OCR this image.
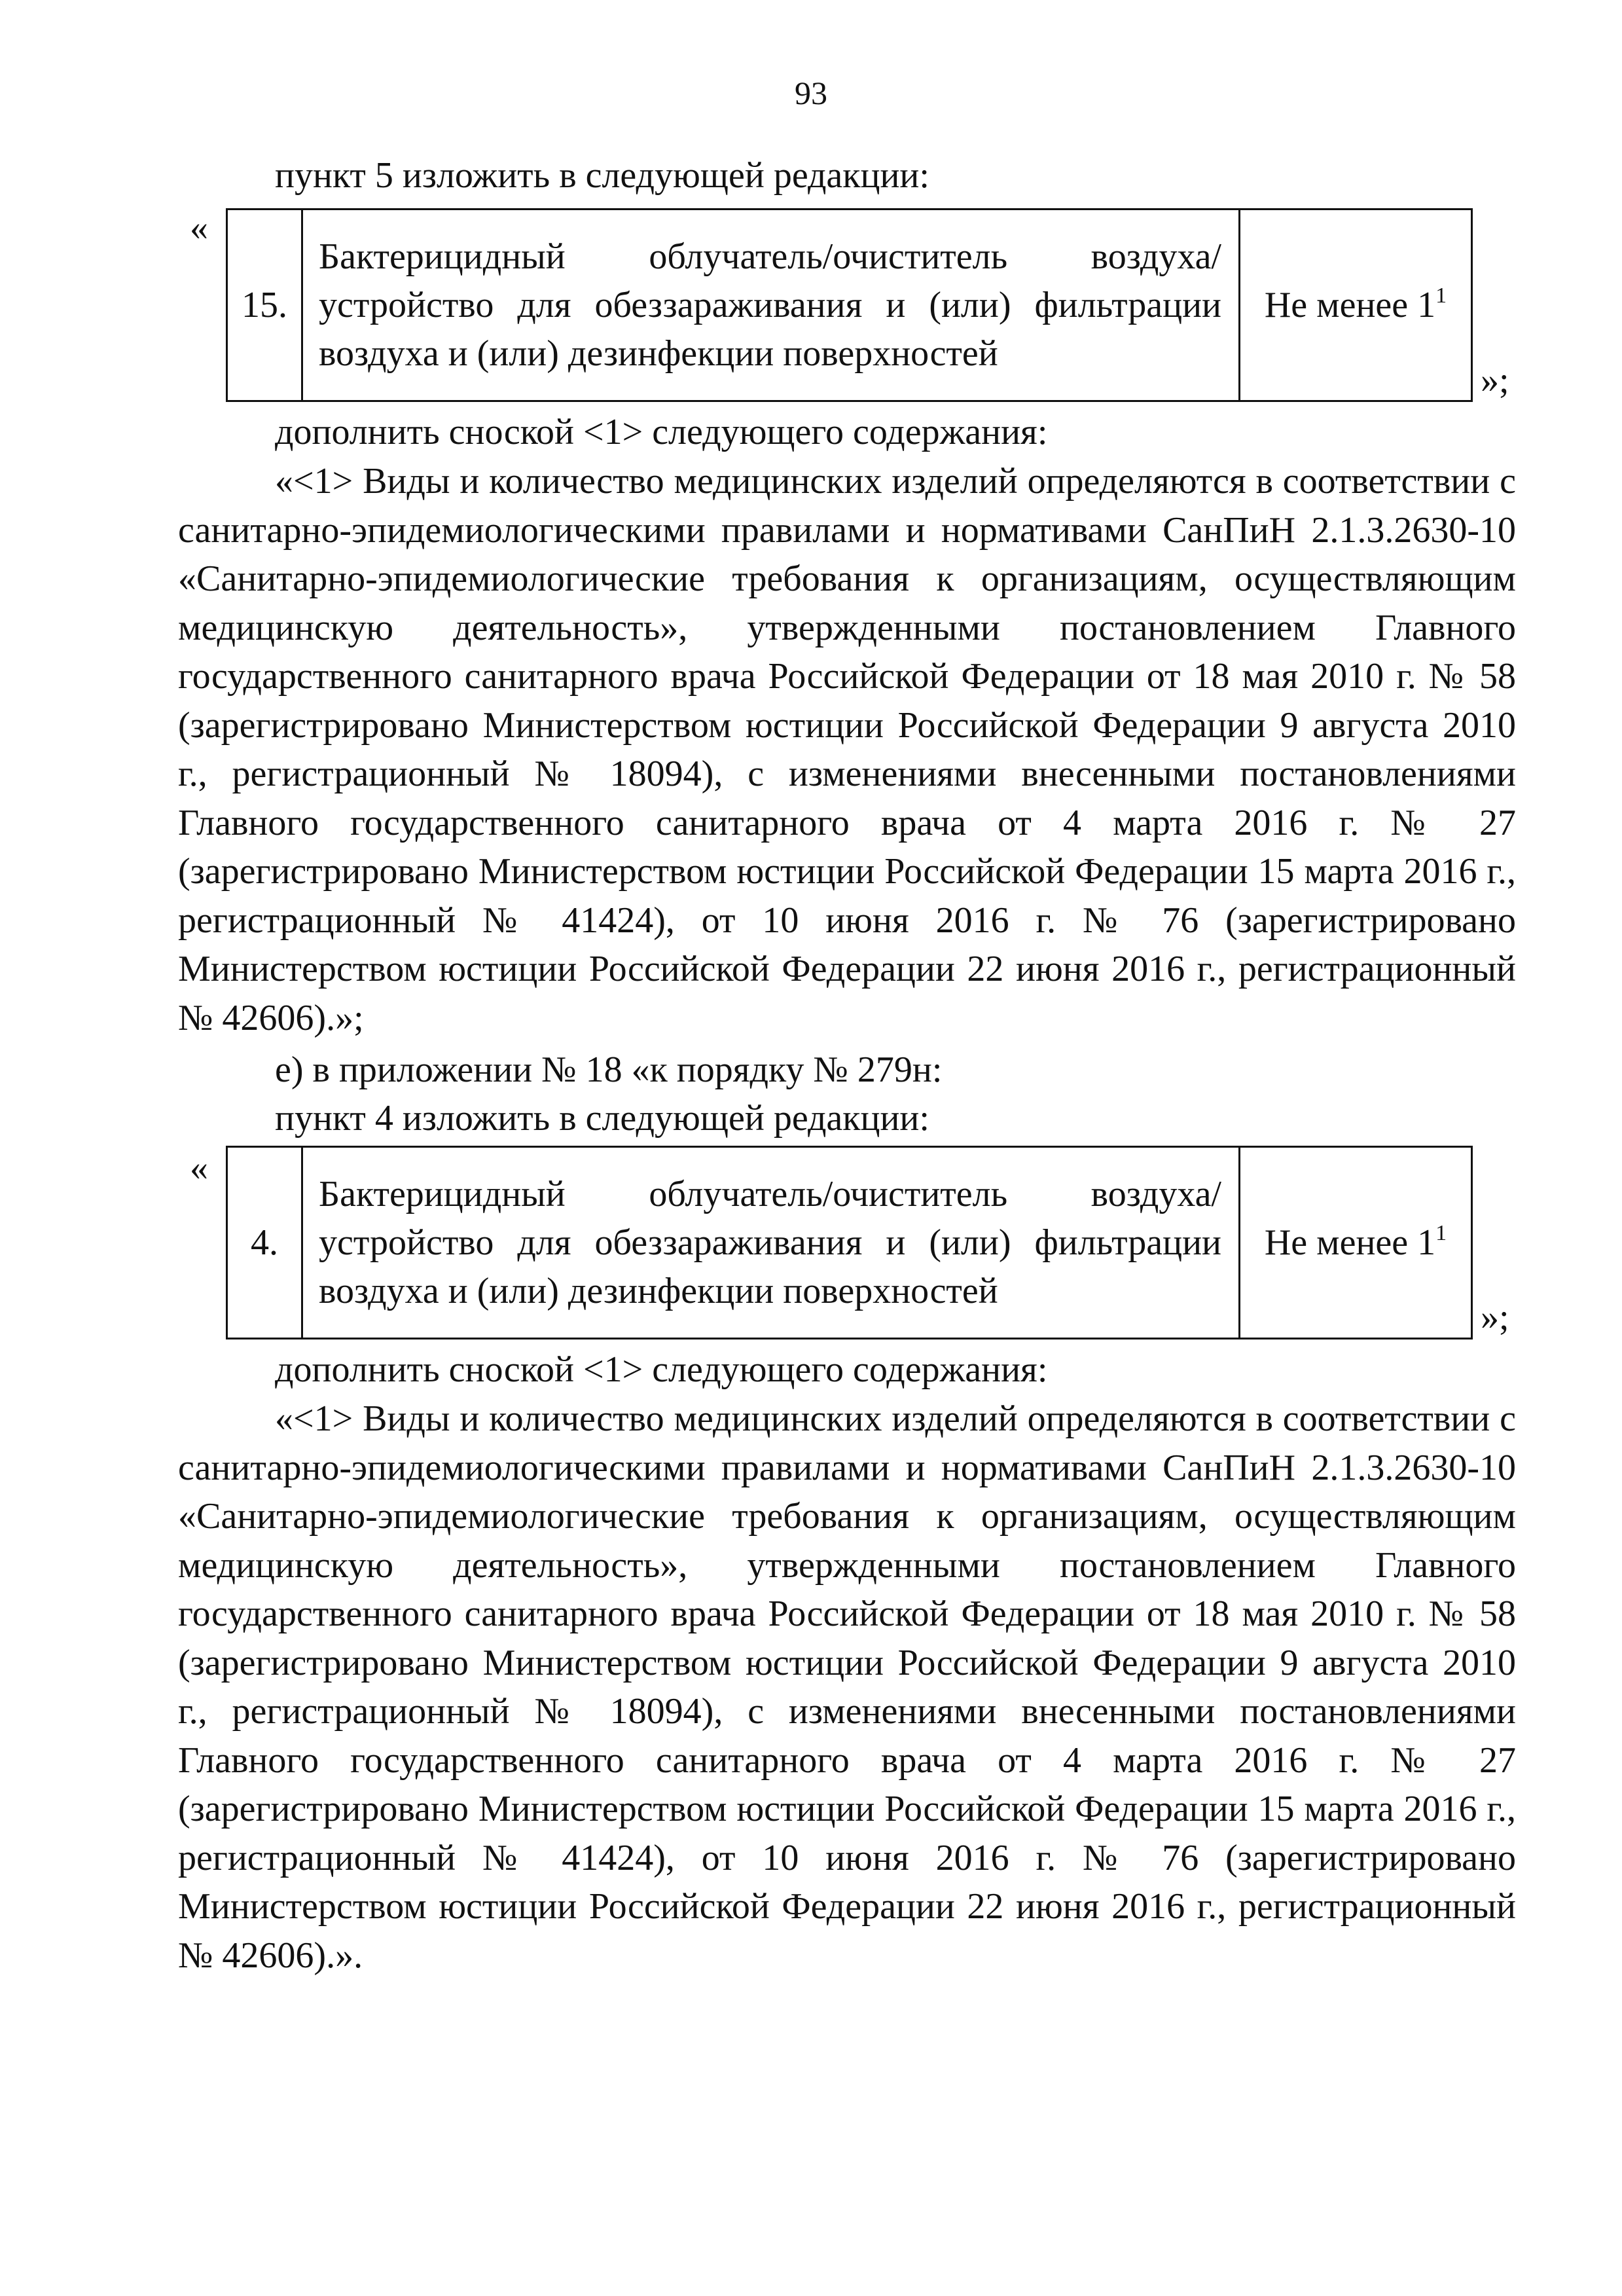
93
пункт 5 изложить в следующей редакции:
«
15.	Бактерицидный облучатель/очиститель воздуха/устройство для обеззараживания и (или) фильтрации воздуха и (или) дезинфекции поверхностей	Не менее $1^1$
»;
дополнить сноской <1> следующего содержания:
«<1> Виды и количество медицинских изделий определяются в соответствии с санитарно-эпидемиологическими правилами и нормативами СанПиН 2.1.3.2630-10 «Санитарно-эпидемиологические требования к организациям, осуществляющим медицинскую деятельность», утвержденными постановлением Главного государственного санитарного врача Российской Федерации от 18 мая 2010 г. № 58 (зарегистрировано Министерством юстиции Российской Федерации 9 августа 2010 г., регистрационный № 18094), с изменениями внесенными постановлениями Главного государственного санитарного врача от 4 марта 2016 г. № 27 (зарегистрировано Министерством юстиции Российской Федерации 15 марта 2016 г., регистрационный № 41424), от 10 июня 2016 г. № 76 (зарегистрировано Министерством юстиции Российской Федерации 22 июня 2016 г., регистрационный № 42606).»;
е) в приложении № 18 «к порядку № 279н:
пункт 4 изложить в следующей редакции:
«
4.	Бактерицидный облучатель/очиститель воздуха/устройство для обеззараживания и (или) фильтрации воздуха и (или) дезинфекции поверхностей	Не менее $1^1$
»;
дополнить сноской <1> следующего содержания:
«<1> Виды и количество медицинских изделий определяются в соответствии с санитарно-эпидемиологическими правилами и нормативами СанПиН 2.1.3.2630-10 «Санитарно-эпидемиологические требования к организациям, осуществляющим медицинскую деятельность», утвержденными постановлением Главного государственного санитарного врача Российской Федерации от 18 мая 2010 г. № 58 (зарегистрировано Министерством юстиции Российской Федерации 9 августа 2010 г., регистрационный № 18094), с изменениями внесенными постановлениями Главного государственного санитарного врача от 4 марта 2016 г. № 27 (зарегистрировано Министерством юстиции Российской Федерации 15 марта 2016 г., регистрационный № 41424), от 10 июня 2016 г. № 76 (зарегистрировано Министерством юстиции Российской Федерации 22 июня 2016 г., регистрационный № 42606).».
